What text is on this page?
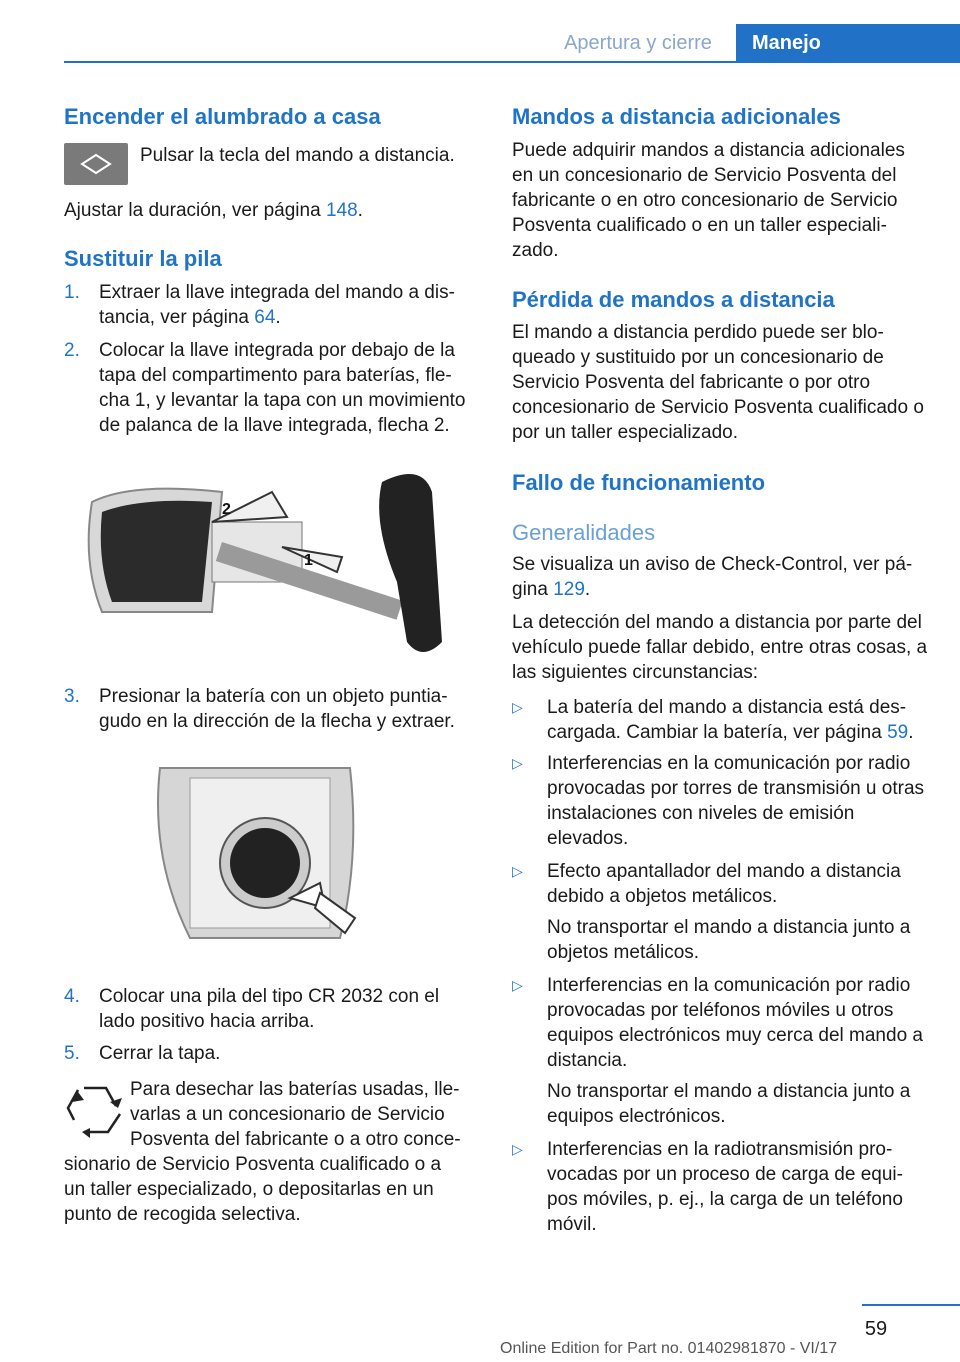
Apertura y cierre	Manejo
Encender el alumbrado a casa
Pulsar la tecla del mando a distancia.
Ajustar la duración, ver página 148.
Sustituir la pila
1. Extraer la llave integrada del mando a dis-tancia, ver página 64.
2. Colocar la llave integrada por debajo de la tapa del compartimento para baterías, fle-cha 1, y levantar la tapa con un movimiento de palanca de la llave integrada, flecha 2.
2
1
3. Presionar la batería con un objeto puntia-gudo en la dirección de la flecha y extraer.
4. Colocar una pila del tipo CR 2032 con el lado positivo hacia arriba.
5. Cerrar la tapa.
Para desechar las baterías usadas, lle-
varlas a un concesionario de Servicio
Posventa del fabricante o a otro conce-
sionario de Servicio Posventa cualificado o a
un taller especializado, o depositarlas en un
punto de recogida selectiva.
Mandos a distancia adicionales
Puede adquirir mandos a distancia adicionales en un concesionario de Servicio Posventa del fabricante o en otro concesionario de Servicio Posventa cualificado o en un taller especiali-zado.
Pérdida de mandos a distancia
El mando a distancia perdido puede ser blo-queado y sustituido por un concesionario de Servicio Posventa del fabricante o por otro concesionario de Servicio Posventa cualificado o por un taller especializado.
Fallo de funcionamiento
Generalidades
Se visualiza un aviso de Check-Control, ver pá-gina 129.
La detección del mando a distancia por parte del vehículo puede fallar debido, entre otras cosas, a las siguientes circunstancias:
▷ La batería del mando a distancia está des-cargada. Cambiar la batería, ver página 59.
▷ Interferencias en la comunicación por radio provocadas por torres de transmisión u otras instalaciones con niveles de emisión elevados.
▷ Efecto apantallador del mando a distancia debido a objetos metálicos.
No transportar el mando a distancia junto a objetos metálicos.
▷ Interferencias en la comunicación por radio provocadas por teléfonos móviles u otros equipos electrónicos muy cerca del mando a distancia.
No transportar el mando a distancia junto a equipos electrónicos.
▷ Interferencias en la radiotransmisión pro-vocadas por un proceso de carga de equi-pos móviles, p. ej., la carga de un teléfono móvil.
59
Online Edition for Part no. 01402981870 - VI/17
